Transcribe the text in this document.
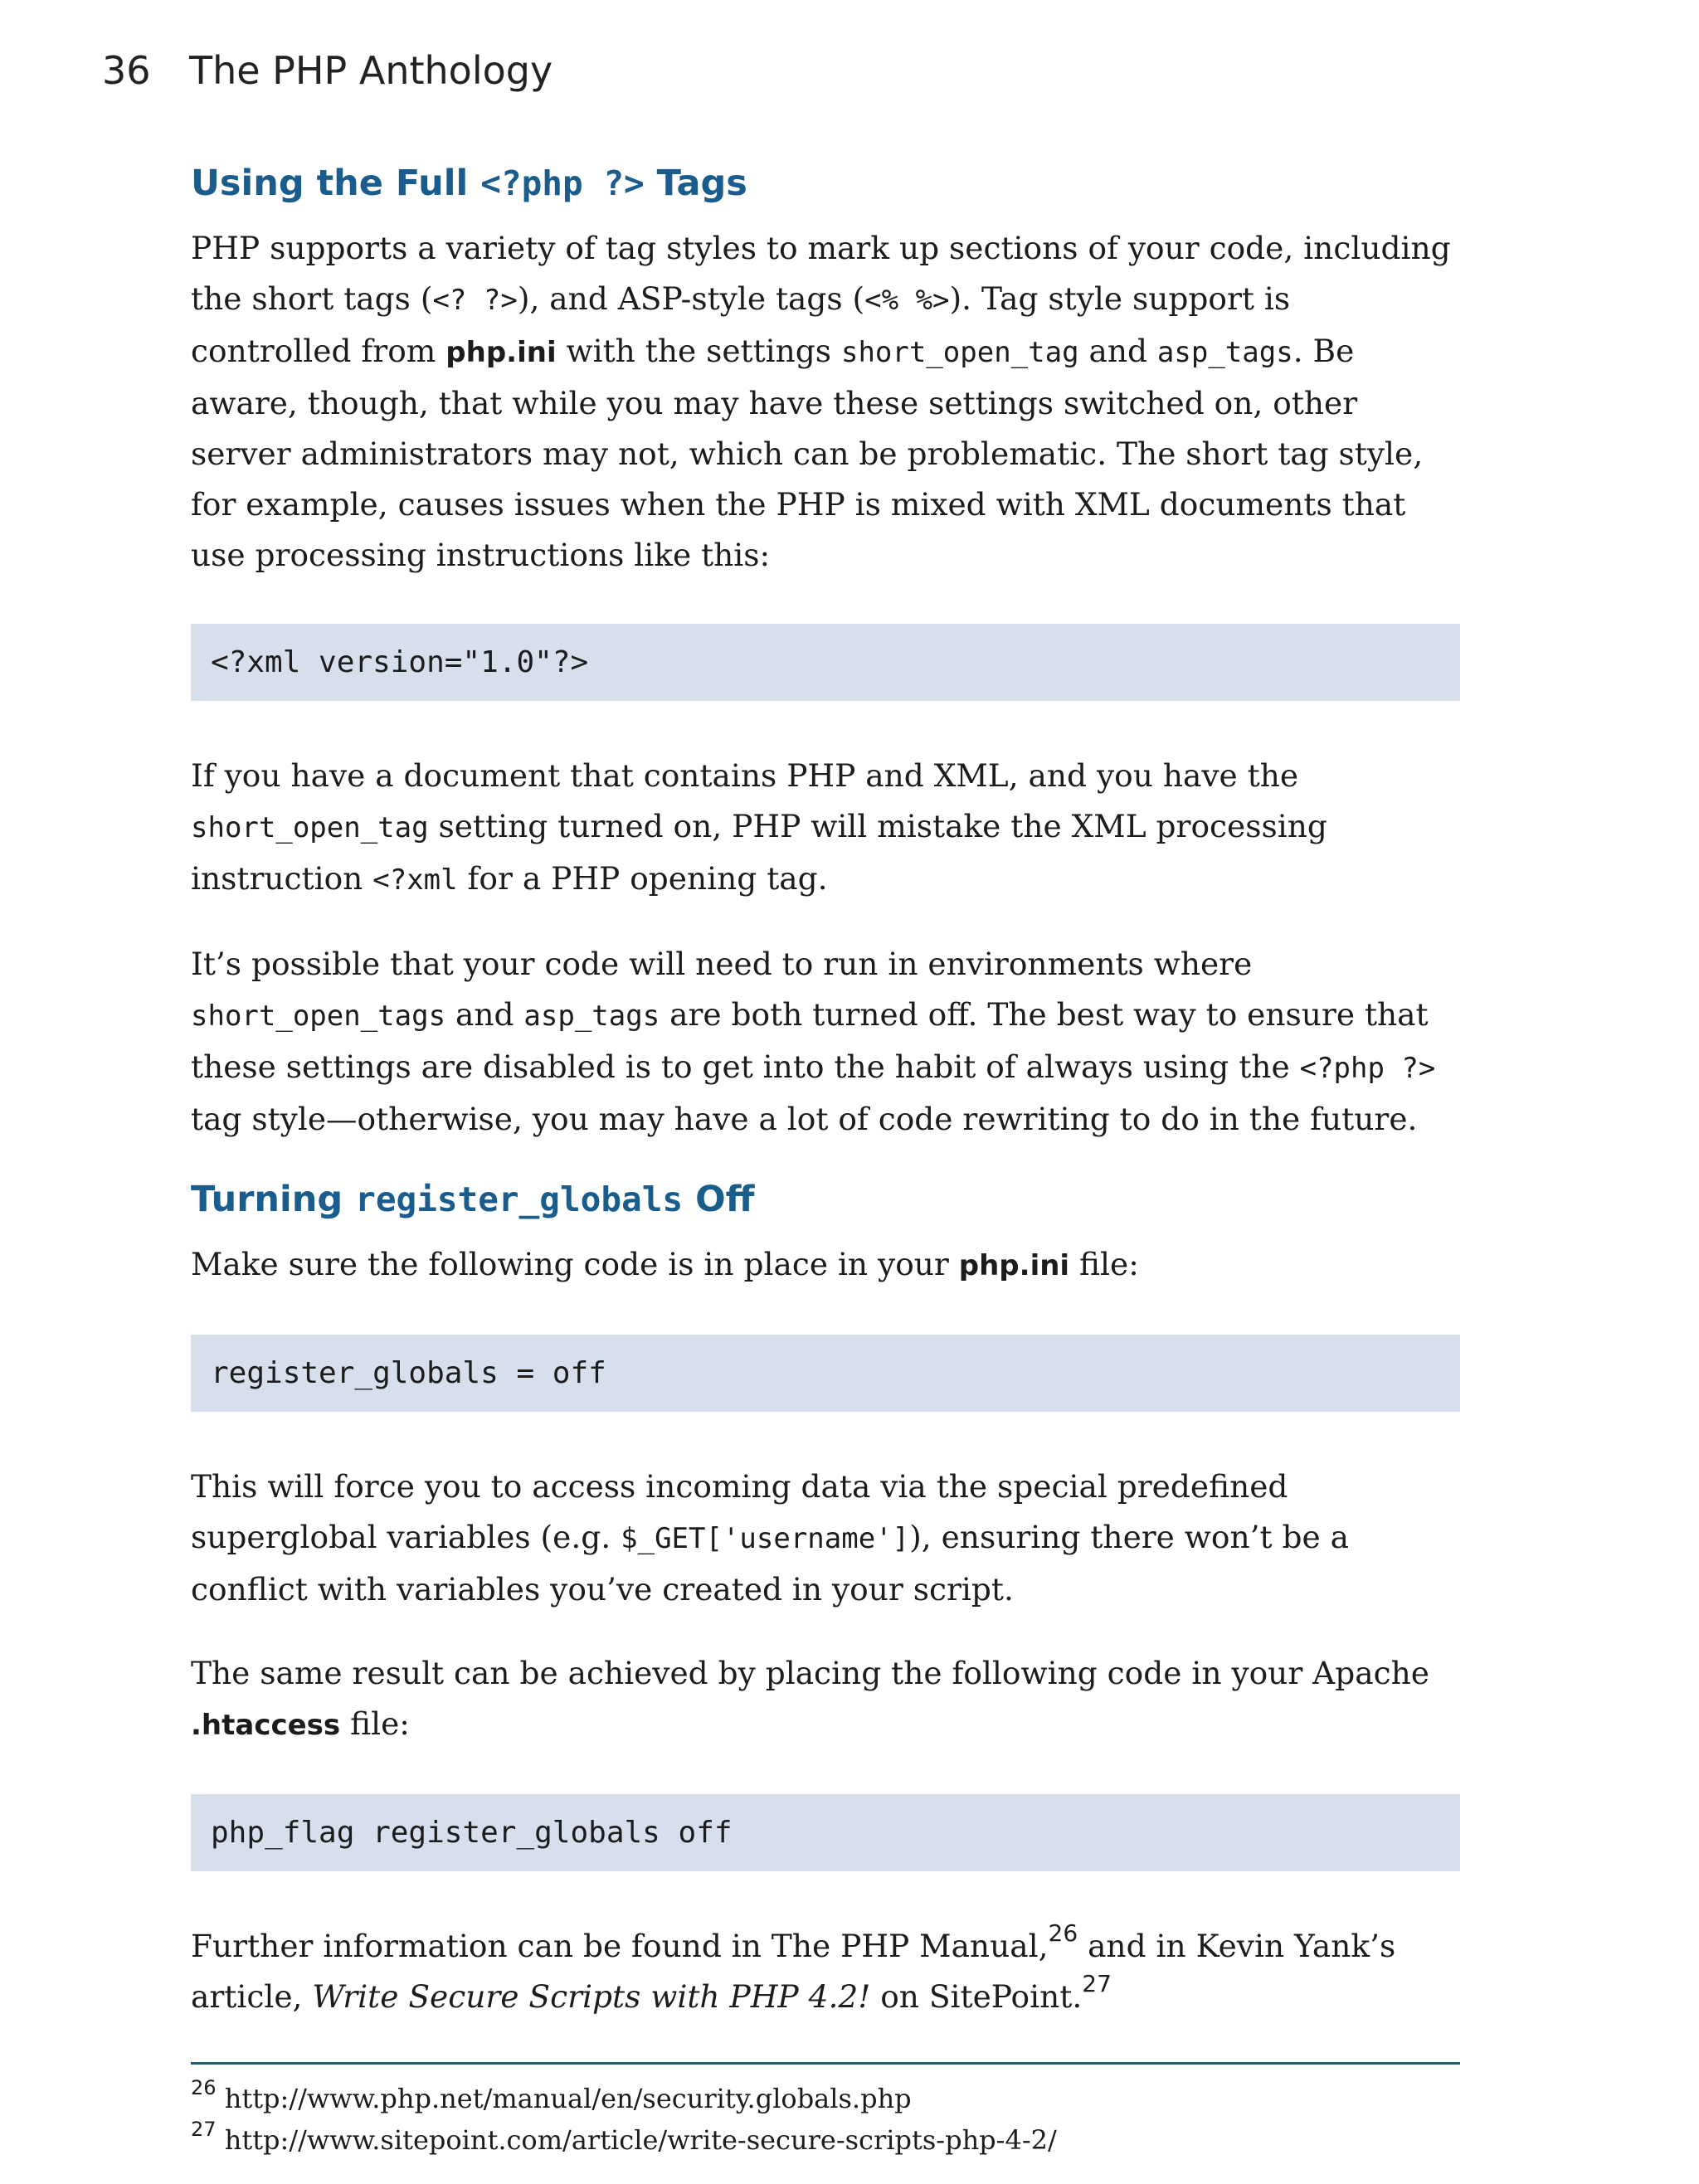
36 The PHP Anthology
Using the Full <?php ?> Tags

PHP supports a variety of tag styles to mark up sections of your code, including the short tags (<? ?>), and ASP-style tags (<% %>). Tag style support is controlled from php.ini with the settings short_open_tag and asp_tags. Be aware, though, that while you may have these settings switched on, other server administrators may not, which can be problematic. The short tag style, for example, causes issues when the PHP is mixed with XML documents that use processing instructions like this:

<?xml version="1.0"?>

If you have a document that contains PHP and XML, and you have the short_open_tag setting turned on, PHP will mistake the XML processing instruction <?xml for a PHP opening tag.

It’s possible that your code will need to run in environments where short_open_tags and asp_tags are both turned off. The best way to ensure that these settings are disabled is to get into the habit of always using the <?php ?> tag style—otherwise, you may have a lot of code rewriting to do in the future.

Turning register_globals Off

Make sure the following code is in place in your php.ini file:

register_globals = off

This will force you to access incoming data via the special predefined superglobal variables (e.g. $_GET['username']), ensuring there won’t be a conflict with variables you’ve created in your script.

The same result can be achieved by placing the following code in your Apache .htaccess file:

php_flag register_globals off

Further information can be found in The PHP Manual,$^{26}$ and in Kevin Yank’s article, Write Secure Scripts with PHP 4.2! on SitePoint.$^{27}$

$^{26}$ http://www.php.net/manual/en/security.globals.php
$^{27}$ http://www.sitepoint.com/article/write-secure-scripts-php-4-2/
